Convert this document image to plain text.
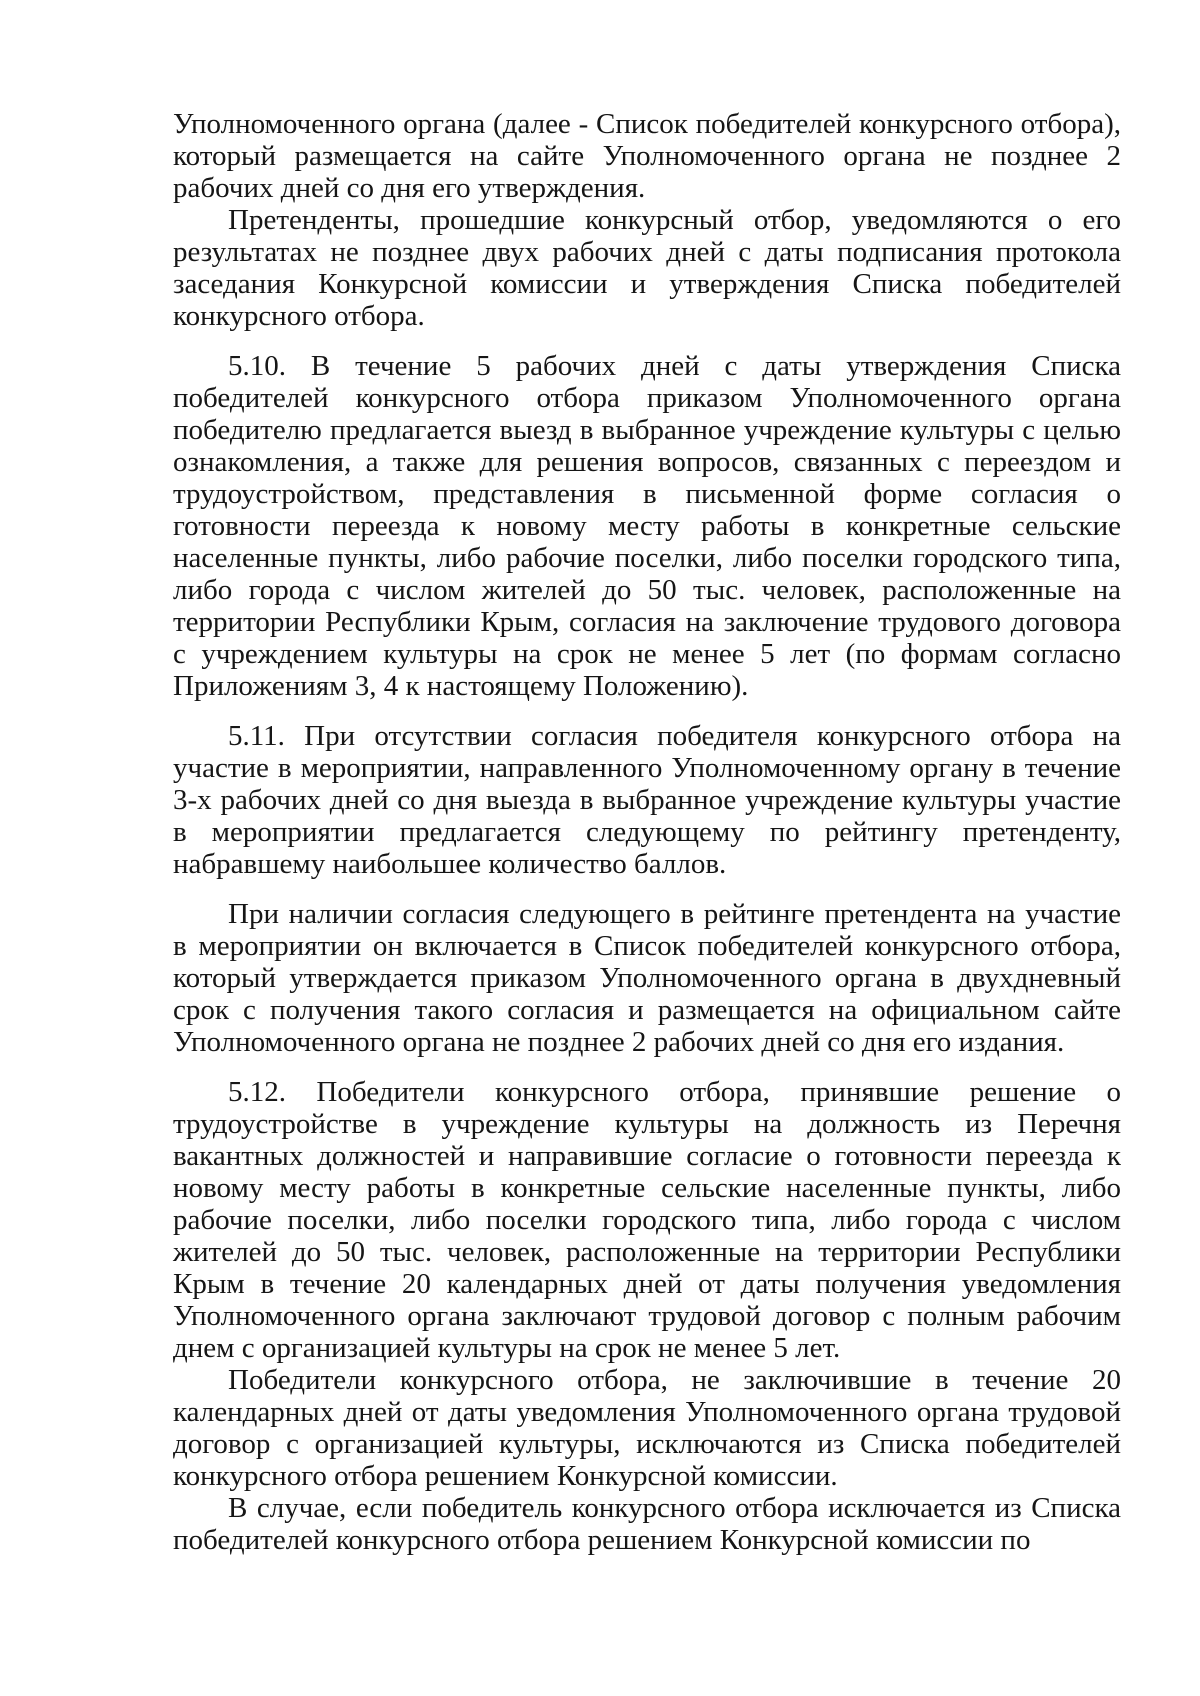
Уполномоченного органа (далее - Список победителей конкурсного отбора), который размещается на сайте Уполномоченного органа не позднее 2 рабочих дней со дня его утверждения.

Претенденты, прошедшие конкурсный отбор, уведомляются о его результатах не позднее двух рабочих дней с даты подписания протокола заседания Конкурсной комиссии и утверждения Списка победителей конкурсного отбора.

5.10. В течение 5 рабочих дней с даты утверждения Списка победителей конкурсного отбора приказом Уполномоченного органа победителю предлагается выезд в выбранное учреждение культуры с целью ознакомления, а также для решения вопросов, связанных с переездом и трудоустройством, представления в письменной форме согласия о готовности переезда к новому месту работы в конкретные сельские населенные пункты, либо рабочие поселки, либо поселки городского типа, либо города с числом жителей до 50 тыс. человек, расположенные на территории Республики Крым, согласия на заключение трудового договора с учреждением культуры на срок не менее 5 лет (по формам согласно Приложениям 3, 4 к настоящему Положению).

5.11. При отсутствии согласия победителя конкурсного отбора на участие в мероприятии, направленного Уполномоченному органу в течение 3-х рабочих дней со дня выезда в выбранное учреждение культуры участие в мероприятии предлагается следующему по рейтингу претенденту, набравшему наибольшее количество баллов.

При наличии согласия следующего в рейтинге претендента на участие в мероприятии он включается в Список победителей конкурсного отбора, который утверждается приказом Уполномоченного органа в двухдневный срок с получения такого согласия и размещается на официальном сайте Уполномоченного органа не позднее 2 рабочих дней со дня его издания.

5.12. Победители конкурсного отбора, принявшие решение о трудоустройстве в учреждение культуры на должность из Перечня вакантных должностей и направившие согласие о готовности переезда к новому месту работы в конкретные сельские населенные пункты, либо рабочие поселки, либо поселки городского типа, либо города с числом жителей до 50 тыс. человек, расположенные на территории Республики Крым в течение 20 календарных дней от даты получения уведомления Уполномоченного органа заключают трудовой договор с полным рабочим днем с организацией культуры на срок не менее 5 лет.

Победители конкурсного отбора, не заключившие в течение 20 календарных дней от даты уведомления Уполномоченного органа трудовой договор с организацией культуры, исключаются из Списка победителей конкурсного отбора решением Конкурсной комиссии.

В случае, если победитель конкурсного отбора исключается из Списка победителей конкурсного отбора решением Конкурсной комиссии по
